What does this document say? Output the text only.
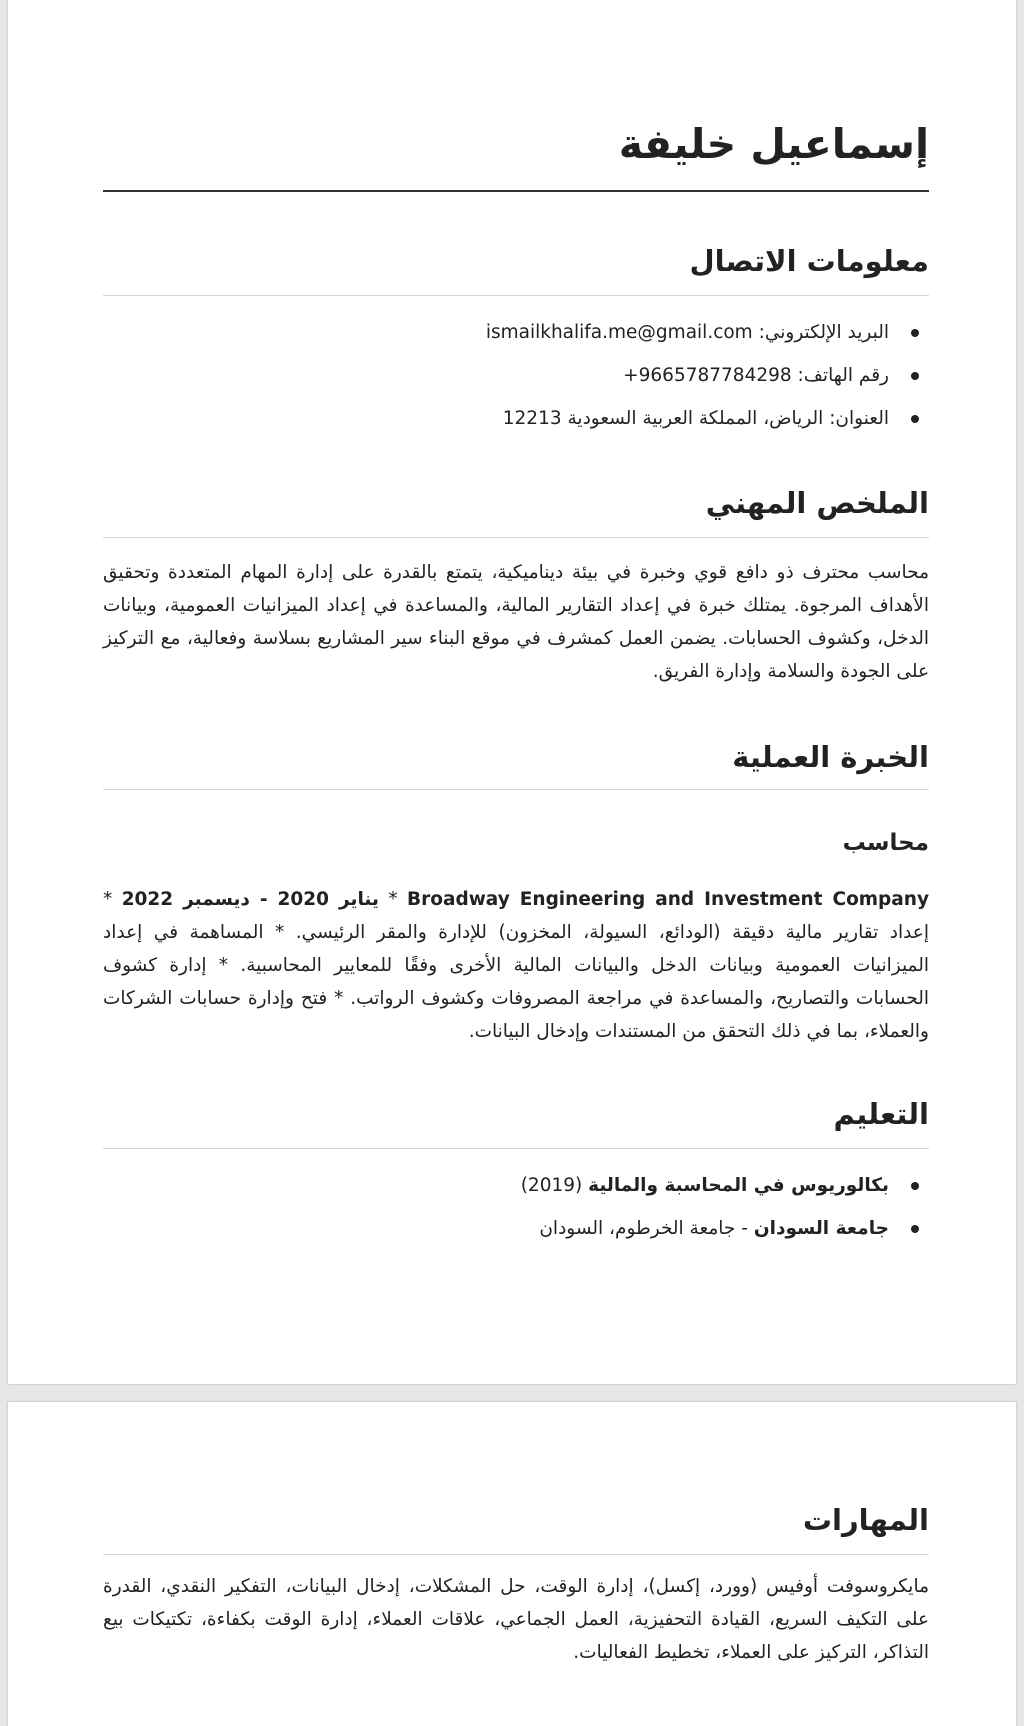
إسماعيل خليفة
معلومات الاتصال
البريد الإلكتروني: ismailkhalifa.me@gmail.com
رقم الهاتف: +9665787784298
العنوان: الرياض، المملكة العربية السعودية 12213
الملخص المهني

محاسب محترف ذو دافع قوي وخبرة في بيئة ديناميكية، يتمتع بالقدرة على إدارة المهام المتعددة وتحقيق الأهداف المرجوة. يمتلك خبرة في إعداد التقارير المالية، والمساعدة في إعداد الميزانيات العمومية، وبيانات الدخل، وكشوف الحسابات. يضمن العمل كمشرف في موقع البناء سير المشاريع بسلاسة وفعالية، مع التركيز على الجودة والسلامة وإدارة الفريق.

الخبرة العملية
محاسب

Broadway Engineering and Investment Company * يناير 2020 - ديسمبر 2022 * إعداد تقارير مالية دقيقة (الودائع، السيولة، المخزون) للإدارة والمقر الرئيسي. * المساهمة في إعداد الميزانيات العمومية وبيانات الدخل والبيانات المالية الأخرى وفقًا للمعايير المحاسبية. * إدارة كشوف الحسابات والتصاريح، والمساعدة في مراجعة المصروفات وكشوف الرواتب. * فتح وإدارة حسابات الشركات والعملاء، بما في ذلك التحقق من المستندات وإدخال البيانات.

التعليم
بكالوريوس في المحاسبة والمالية (2019)
جامعة السودان - جامعة الخرطوم، السودان
المهارات

مايكروسوفت أوفيس (وورد، إكسل)، إدارة الوقت، حل المشكلات، إدخال البيانات، التفكير النقدي، القدرة على التكيف السريع، القيادة التحفيزية، العمل الجماعي، علاقات العملاء، إدارة الوقت بكفاءة، تكتيكات بيع التذاكر، التركيز على العملاء، تخطيط الفعاليات.
